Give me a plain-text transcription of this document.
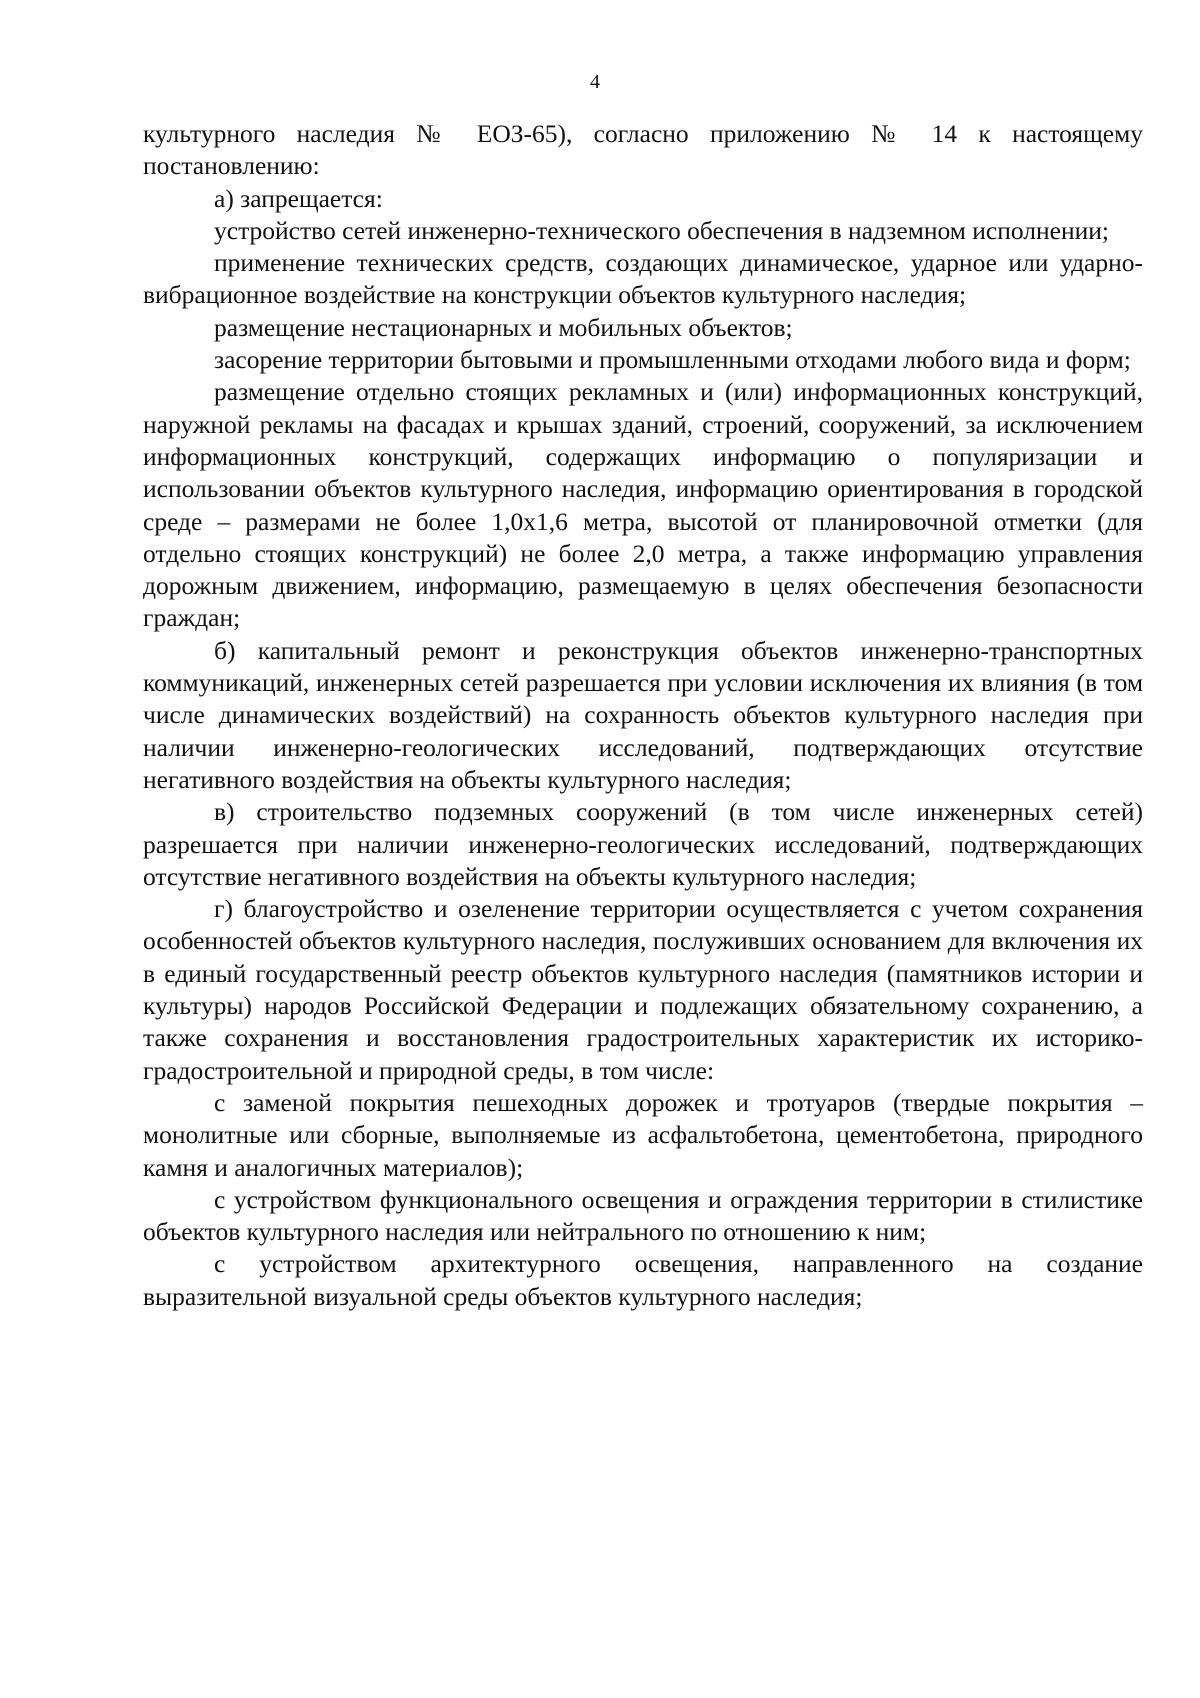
4

культурного наследия № ЕОЗ-65), согласно приложению № 14 к настоящему постановлению:

а) запрещается:

устройство сетей инженерно-технического обеспечения в надземном исполнении;

применение технических средств, создающих динамическое, ударное или ударно-вибрационное воздействие на конструкции объектов культурного наследия;

размещение нестационарных и мобильных объектов;

засорение территории бытовыми и промышленными отходами любого вида и форм;

размещение отдельно стоящих рекламных и (или) информационных конструкций, наружной рекламы на фасадах и крышах зданий, строений, сооружений, за исключением информационных конструкций, содержащих информацию о популяризации и использовании объектов культурного наследия, информацию ориентирования в городской среде – размерами не более 1,0х1,6 метра, высотой от планировочной отметки (для отдельно стоящих конструкций) не более 2,0 метра, а также информацию управления дорожным движением, информацию, размещаемую в целях обеспечения безопасности граждан;

б) капитальный ремонт и реконструкция объектов инженерно-транспортных коммуникаций, инженерных сетей разрешается при условии исключения их влияния (в том числе динамических воздействий) на сохранность объектов культурного наследия при наличии инженерно-геологических исследований, подтверждающих отсутствие негативного воздействия на объекты культурного наследия;

в) строительство подземных сооружений (в том числе инженерных сетей) разрешается при наличии инженерно-геологических исследований, подтверждающих отсутствие негативного воздействия на объекты культурного наследия;

г) благоустройство и озеленение территории осуществляется с учетом сохранения особенностей объектов культурного наследия, послуживших основанием для включения их в единый государственный реестр объектов культурного наследия (памятников истории и культуры) народов Российской Федерации и подлежащих обязательному сохранению, а также сохранения и восстановления градостроительных характеристик их историко-градостроительной и природной среды, в том числе:

с заменой покрытия пешеходных дорожек и тротуаров (твердые покрытия – монолитные или сборные, выполняемые из асфальтобетона, цементобетона, природного камня и аналогичных материалов);

с устройством функционального освещения и ограждения территории в стилистике объектов культурного наследия или нейтрального по отношению к ним;

с устройством архитектурного освещения, направленного на создание выразительной визуальной среды объектов культурного наследия;
